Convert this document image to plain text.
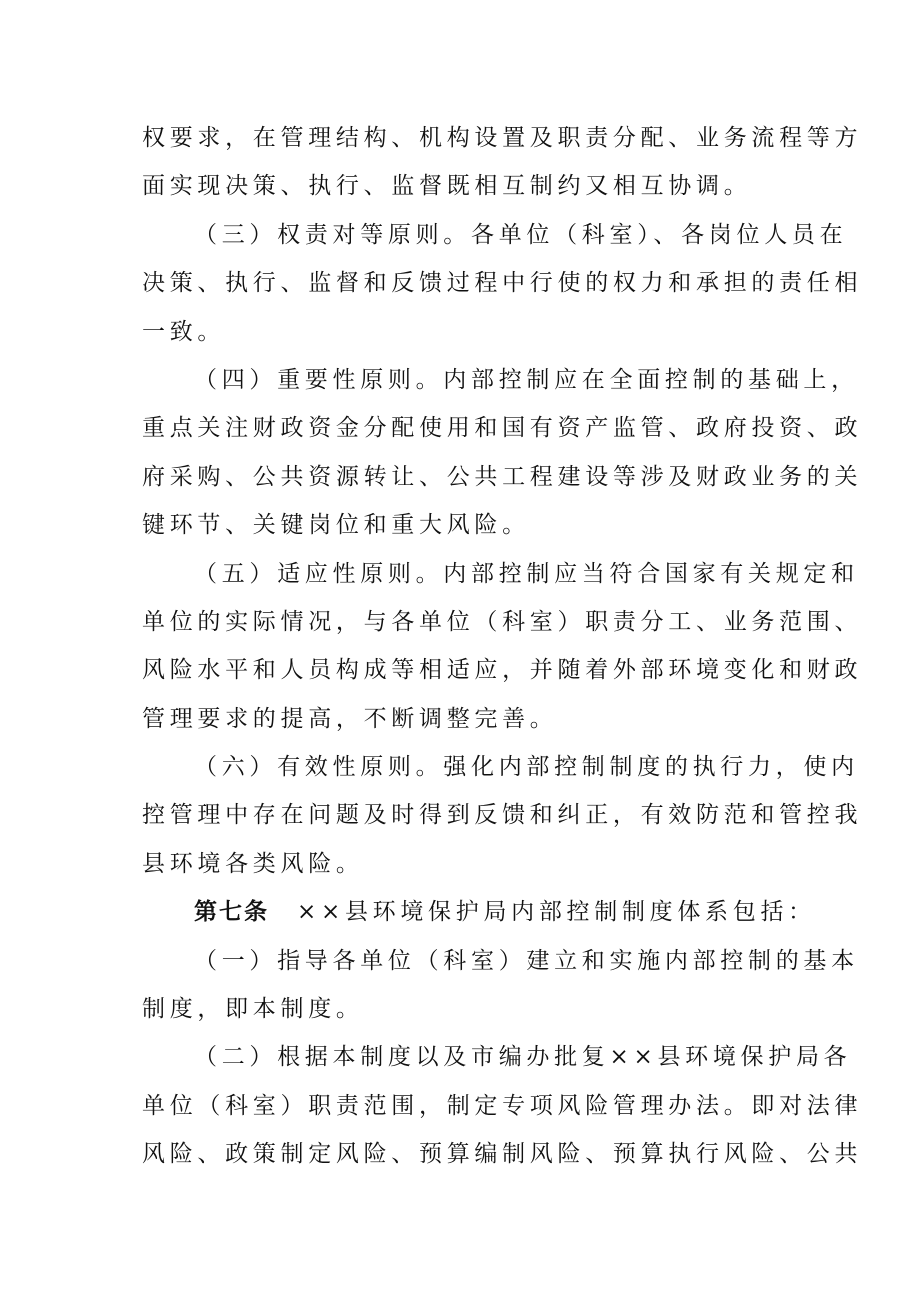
权要求，在管理结构、机构设置及职责分配、业务流程等方
面实现决策、执行、监督既相互制约又相互协调。
（三）权责对等原则。各单位（科室）、各岗位人员在
决策、执行、监督和反馈过程中行使的权力和承担的责任相
一致。
（四）重要性原则。内部控制应在全面控制的基础上，
重点关注财政资金分配使用和国有资产监管、政府投资、政
府采购、公共资源转让、公共工程建设等涉及财政业务的关
键环节、关键岗位和重大风险。
（五）适应性原则。内部控制应当符合国家有关规定和
单位的实际情况，与各单位（科室）职责分工、业务范围、
风险水平和人员构成等相适应，并随着外部环境变化和财政
管理要求的提高，不断调整完善。
（六）有效性原则。强化内部控制制度的执行力，使内
控管理中存在问题及时得到反馈和纠正，有效防范和管控我
县环境各类风险。
第七条 ××县环境保护局内部控制制度体系包括：
（一）指导各单位（科室）建立和实施内部控制的基本
制度，即本制度。
（二）根据本制度以及市编办批复××县环境保护局各
单位（科室）职责范围，制定专项风险管理办法。即对法律
风险、政策制定风险、预算编制风险、预算执行风险、公共
